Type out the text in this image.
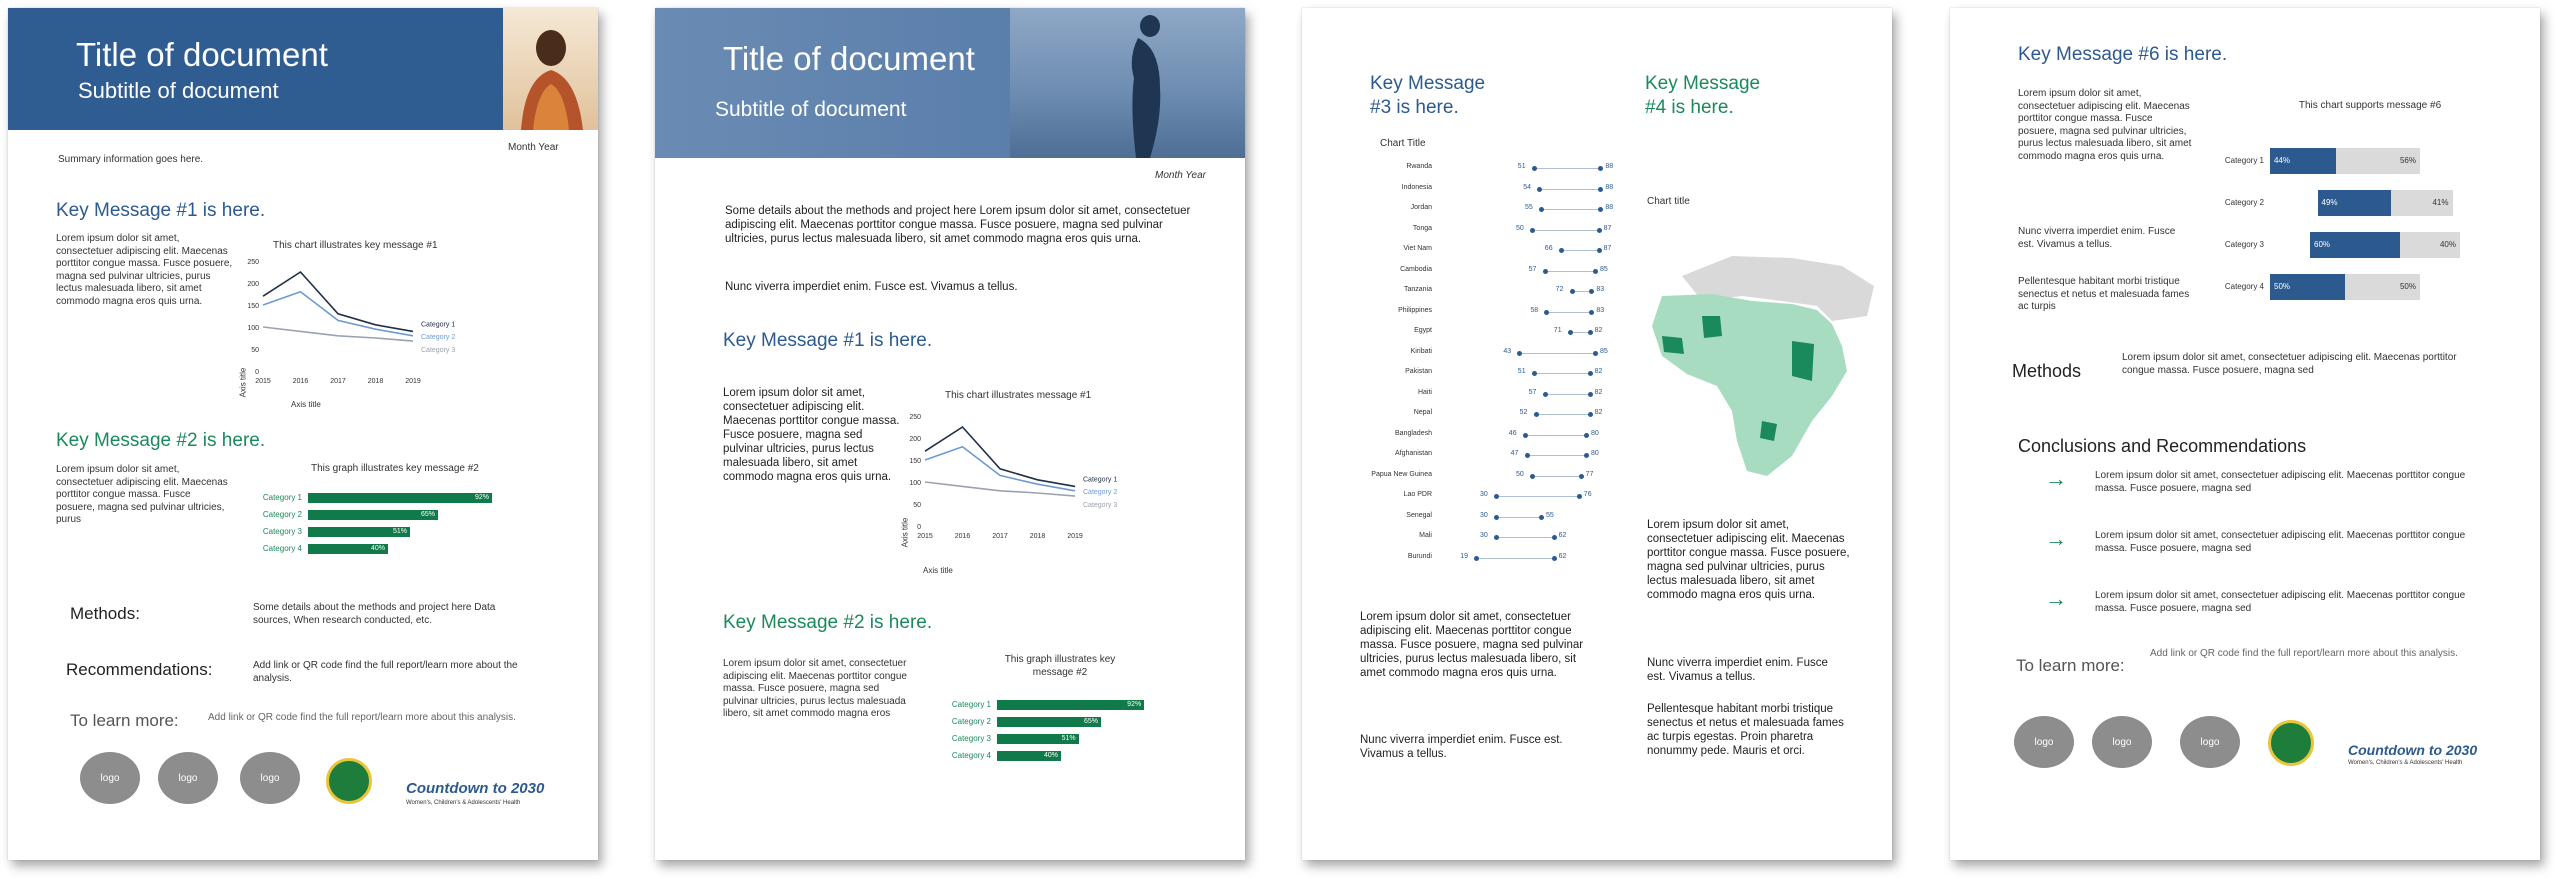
Title of document
Subtitle of document
Summary information goes here.
Month Year
Key Message #1 is here.
Lorem ipsum dolor sit amet, consectetuer adipiscing elit. Maecenas porttitor congue massa. Fusce posuere, magna sed pulvinar ultricies, purus lectus malesuada libero, sit amet commodo magna eros quis urna.
This chart illustrates key message #1
0
50
100
150
200
250
2015	2016	2017	2018	2019
Category 1
Category 2
Category 3
Axis title
Axis title
Key Message #2 is here.
Lorem ipsum dolor sit amet, consectetuer adipiscing elit. Maecenas porttitor congue massa. Fusce posuere, magna sed pulvinar ultricies, purus
This graph illustrates key message #2
Category 1	92%
Category 2	65%
Category 3	51%
Category 4	40%
Methods:	Some details about the methods and project here Data sources, When research conducted, etc.
Recommendations:	Add link or QR code find the full report/learn more about the analysis.
To learn more:	Add link or QR code find the full report/learn more about this analysis.
logo	logo	logo
Countdown to 2030
Women's, Children's & Adolescents' Health
Title of document
Subtitle of document
Month Year
Some details about the methods and project here Lorem ipsum dolor sit amet, consectetuer adipiscing elit. Maecenas porttitor congue massa. Fusce posuere, magna sed pulvinar ultricies, purus lectus malesuada libero, sit amet commodo magna eros quis urna.
Nunc viverra imperdiet enim. Fusce est. Vivamus a tellus.
Key Message #1 is here.
Lorem ipsum dolor sit amet, consectetuer adipiscing elit. Maecenas porttitor congue massa. Fusce posuere, magna sed pulvinar ultricies, purus lectus malesuada libero, sit amet commodo magna eros quis urna.
This chart illustrates message #1
0
50
100
150
200
250
2015	2016	2017	2018	2019
Category 1
Category 2
Category 3
Axis title
Axis title
Key Message #2 is here.
Lorem ipsum dolor sit amet, consectetuer adipiscing elit. Maecenas porttitor congue massa. Fusce posuere, magna sed pulvinar ultricies, purus lectus malesuada libero, sit amet commodo magna eros
This graph illustrates key message #2
Category 1	92%
Category 2	65%
Category 3	51%
Category 4	40%
Key Message #3 is here.
Key Message #4 is here.
Chart Title
Chart title
Rwanda	51	88
Indonesia	54	88
Jordan	55	88
Tonga	50	87
Viet Nam	66	87
Cambodia	57	85
Tanzania	72	83
Philippines	58	83
Egypt	71	82
Kiribati	43	85
Pakistan	51	82
Haiti	57	82
Nepal	52	82
Bangladesh	46	80
Afghanistan	47	80
Papua New Guinea	50	77
Lao PDR	30	76
Senegal	30	55
Mali	30	62
Burundi	19	62
Lorem ipsum dolor sit amet, consectetuer adipiscing elit. Maecenas porttitor congue massa. Fusce posuere, magna sed pulvinar ultricies, purus lectus malesuada libero, sit amet commodo magna eros quis urna.
Nunc viverra imperdiet enim. Fusce est. Vivamus a tellus.
Pellentesque habitant morbi tristique senectus et netus et malesuada fames ac turpis egestas. Proin pharetra nonummy pede. Mauris et orci.
Lorem ipsum dolor sit amet, consectetuer adipiscing elit. Maecenas porttitor congue massa. Fusce posuere, magna sed pulvinar ultricies, purus lectus malesuada libero, sit amet commodo magna eros quis urna.
Nunc viverra imperdiet enim. Fusce est. Vivamus a tellus.
Key Message #6 is here.
Lorem ipsum dolor sit amet, consectetuer adipiscing elit. Maecenas porttitor congue massa. Fusce posuere, magna sed pulvinar ultricies, purus lectus malesuada libero, sit amet commodo magna eros quis urna.
Nunc viverra imperdiet enim. Fusce est. Vivamus a tellus.
Pellentesque habitant morbi tristique senectus et netus et malesuada fames ac turpis
This chart supports message #6
Category 1	44%	56%
Category 2	49%	41%
Category 3	60%	40%
Category 4	50%	50%
Methods
Lorem ipsum dolor sit amet, consectetuer adipiscing elit. Maecenas porttitor congue massa. Fusce posuere, magna sed
Conclusions and Recommendations
→	Lorem ipsum dolor sit amet, consectetuer adipiscing elit. Maecenas porttitor congue massa. Fusce posuere, magna sed
→	Lorem ipsum dolor sit amet, consectetuer adipiscing elit. Maecenas porttitor congue massa. Fusce posuere, magna sed
→	Lorem ipsum dolor sit amet, consectetuer adipiscing elit. Maecenas porttitor congue massa. Fusce posuere, magna sed
To learn more:
Add link or QR code find the full report/learn more about this analysis.
logo	logo	logo	Countdown to 2030
Women's, Children's & Adolescents' Health
